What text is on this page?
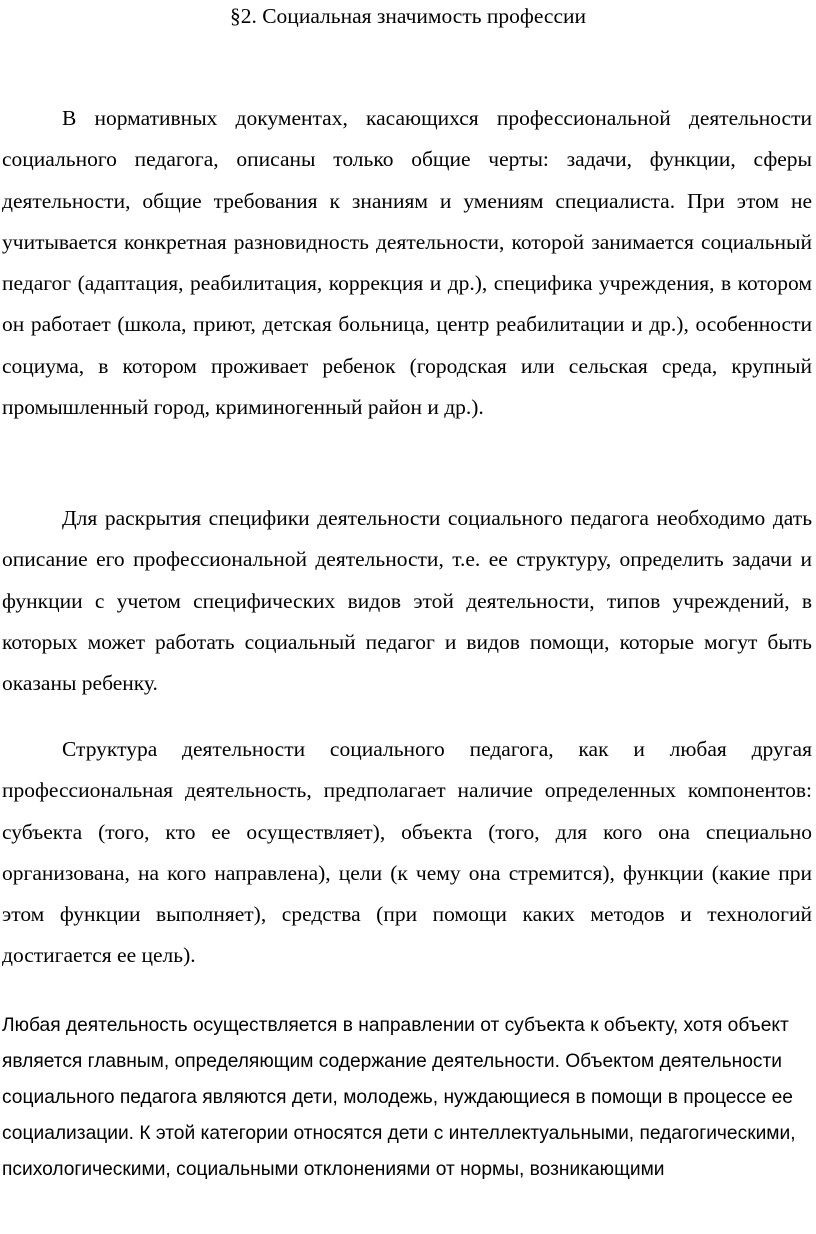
§2. Социальная значимость профессии

В нормативных документах, касающихся профессиональной деятельности социального педагога, описаны только общие черты: задачи, функции, сферы деятельности, общие требования к знаниям и умениям специалиста. При этом не учитывается конкретная разновидность деятельности, которой занимается социальный педагог (адаптация, реабилитация, коррекция и др.), специфика учреждения, в котором он работает (школа, приют, детская больница, центр реабилитации и др.), особенности социума, в котором проживает ребенок (городская или сельская среда, крупный промышленный город, криминогенный район и др.).

Для раскрытия специфики деятельности социального педагога необходимо дать описание его профессиональной деятельности, т.е. ее структуру, определить задачи и функции с учетом специфических видов этой деятельности, типов учреждений, в которых может работать социальный педагог и видов помощи, которые могут быть оказаны ребенку.

Структура деятельности социального педагога, как и любая другая профессиональная деятельность, предполагает наличие определенных компонентов: субъекта (того, кто ее осуществляет), объекта (того, для кого она специально организована, на кого направлена), цели (к чему она стремится), функции (какие при этом функции выполняет), средства (при помощи каких методов и технологий достигается ее цель).

Любая деятельность осуществляется в направлении от субъекта к объекту, хотя объект является главным, определяющим содержание деятельности. Объектом деятельности социального педагога являются дети, молодежь, нуждающиеся в помощи в процессе ее социализации. К этой категории относятся дети с интеллектуальными, педагогическими, психологическими, социальными отклонениями от нормы, возникающими
